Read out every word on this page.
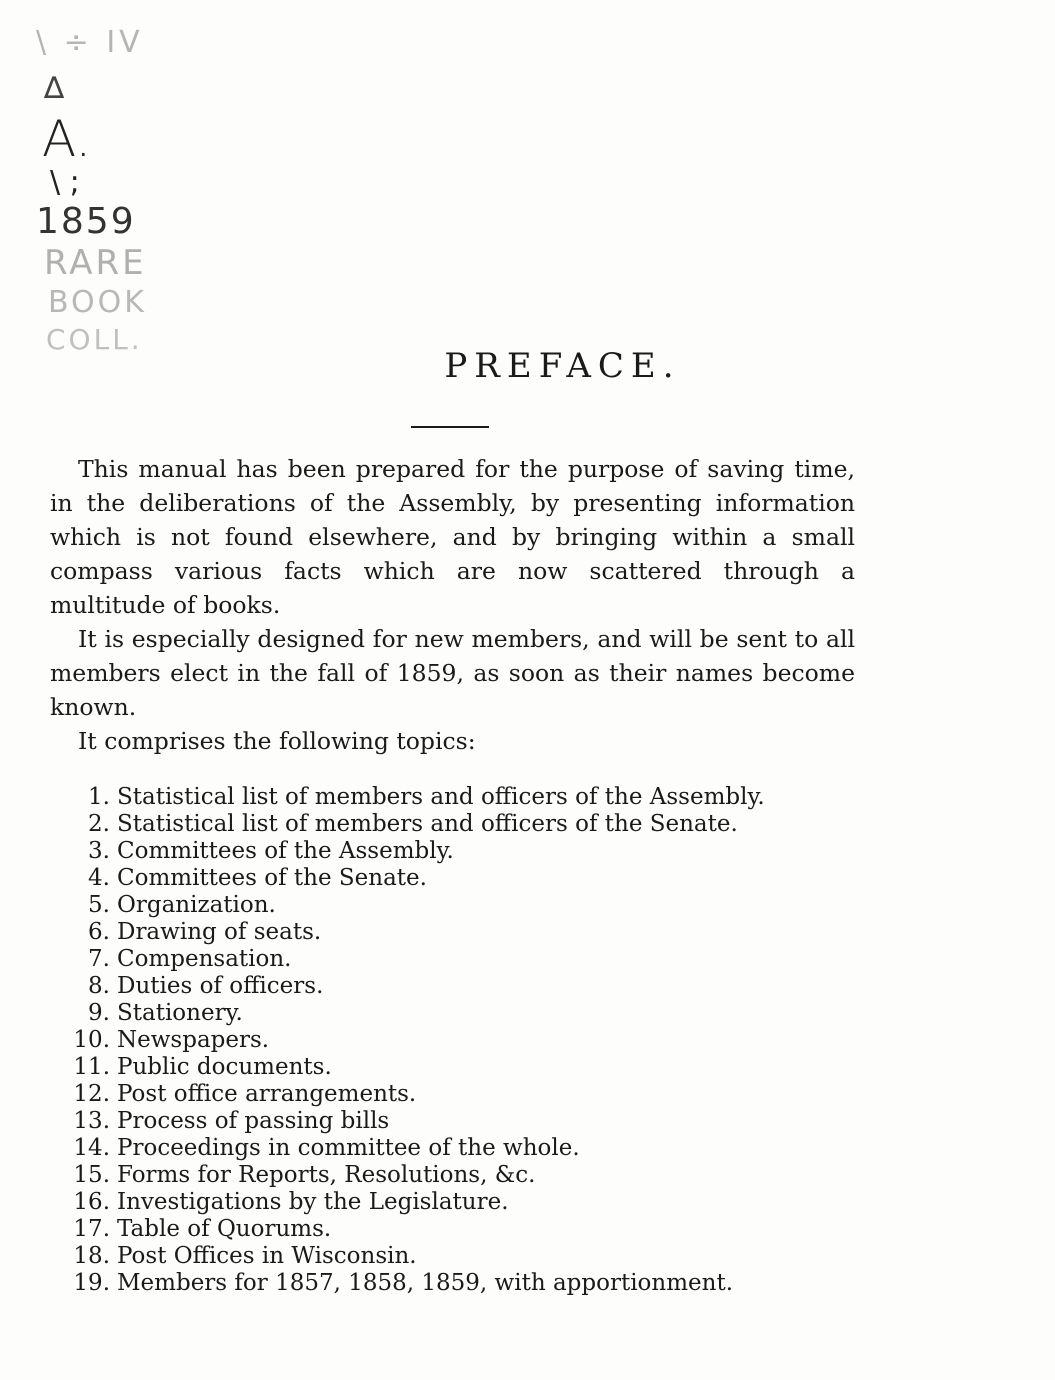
\ ÷ IV
∆
A.
\ ;
1859
RARE
BOOK
COLL.
PREFACE.

This manual has been prepared for the purpose of saving time, in the deliberations of the Assembly, by presenting information which is not found elsewhere, and by bringing within a small compass various facts which are now scattered through a multitude of books.

It is especially designed for new members, and will be sent to all members elect in the fall of 1859, as soon as their names become known.

It comprises the following topics:

1. Statistical list of members and officers of the Assembly.
2. Statistical list of members and officers of the Senate.
3. Committees of the Assembly.
4. Committees of the Senate.
5. Organization.
6. Drawing of seats.
7. Compensation.
8. Duties of officers.
9. Stationery.
10. Newspapers.
11. Public documents.
12. Post office arrangements.
13. Process of passing bills
14. Proceedings in committee of the whole.
15. Forms for Reports, Resolutions, &c.
16. Investigations by the Legislature.
17. Table of Quorums.
18. Post Offices in Wisconsin.
19. Members for 1857, 1858, 1859, with apportionment.
